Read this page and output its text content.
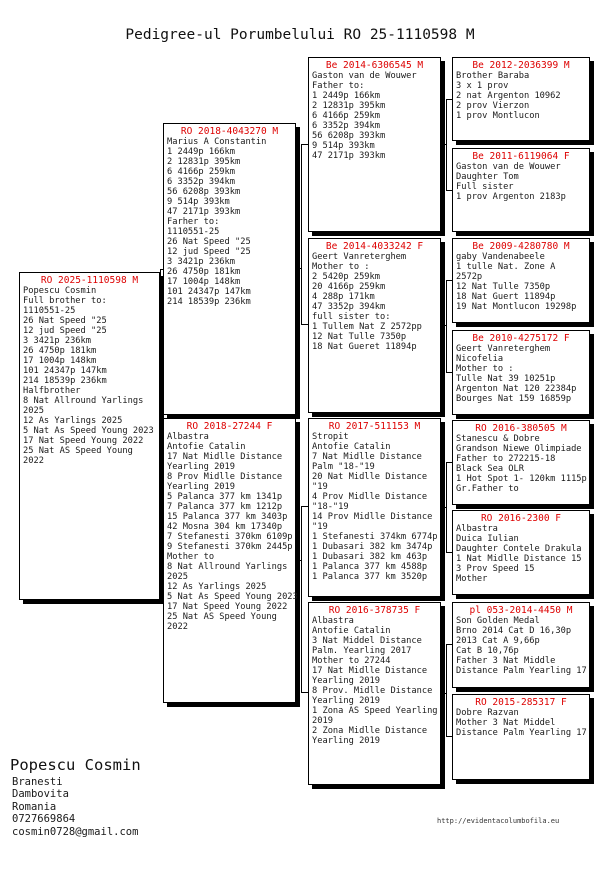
Pedigree-ul Porumbelului RO 25-1110598 M
RO 2025-1110598 M
Popescu Cosmin
Full brother to:
1110551-25
26 Nat Speed "25
12 jud Speed "25
3 3421p 236km
26 4750p 181km
17 1004p 148km
101 24347p 147km
214 18539p 236km
Halfbrother
8 Nat Allround Yarlings
2025
12 As Yarlings 2025
5 Nat As Speed Young 2023
17 Nat Speed Young 2022
25 Nat AS Speed Young
2022
RO 2018-4043270 M
Marius A Constantin
1 2449p 166km
2 12831p 395km
6 4166p 259km
6 3352p 394km
56 6208p 393km
9 514p 393km
47 2171p 393km
Farher to:
1110551-25
26 Nat Speed "25
12 jud Speed "25
3 3421p 236km
26 4750p 181km
17 1004p 148km
101 24347p 147km
214 18539p 236km
RO 2018-27244 F
Albastra
Antofie Catalin
17 Nat Midlle Distance
Yearling 2019
8 Prov Midlle Distance
Yearling 2019
5 Palanca 377 km 1341p
7 Palanca 377 km 1212p
15 Palanca 377 km 3403p
42 Mosna 304 km 17340p
7 Stefanesti 370km 6109p
9 Stefanesti 370km 2445p
Mother to
8 Nat Allround Yarlings
2025
12 As Yarlings 2025
5 Nat As Speed Young 2023
17 Nat Speed Young 2022
25 Nat AS Speed Young
2022
Be 2014-6306545 M
Gaston van de Wouwer
Father to:
1 2449p 166km
2 12831p 395km
6 4166p 259km
6 3352p 394km
56 6208p 393km
9 514p 393km
47 2171p 393km
Be 2014-4033242 F
Geert Vanreterghem
Mother to :
2 5420p 259km
20 4166p 259km
4 288p 171km
47 3352p 394km
full sister to:
1 Tullem Nat Z 2572pp
12 Nat Tulle 7350p
18 Nat Gueret 11894p
RO 2017-511153 M
Stropit
Antofie Catalin
7 Nat Midlle Distance
Palm "18-"19
20 Nat Midlle Distance
"19
4 Prov Midlle Distance
"18-"19
14 Prov Midlle Distance
"19
1 Stefanesti 374km 6774p
1 Dubasari 382 km 3474p
1 Dubasari 382 km 463p
1 Palanca 377 km 4588p
1 Palanca 377 km 3520p
RO 2016-378735 F
Albastra
Antofie Catalin
3 Nat Middel Distance
Palm. Yearling 2017
Mother to 27244
17 Nat Midlle Distance
Yearling 2019
8 Prov. Midlle Distance
Yearling 2019
1 Zona AS Speed Yearling
2019
2 Zona Midlle Distance
Yearling 2019
Be 2012-2036399 M
Brother Baraba
3 x 1 prov
2 nat Argenton 10962
2 prov Vierzon
1 prov Montlucon
Be 2011-6119064 F
Gaston van de Wouwer
Daughter Tom
Full sister
1 prov Argenton 2183p
Be 2009-4280780 M
gaby Vandenabeele
1 tulle Nat. Zone A
2572p
12 Nat Tulle 7350p
18 Nat Guert 11894p
19 Nat Montlucon 19298p
Be 2010-4275172 F
Geert Vanreterghem
Nicofelia
Mother to :
Tulle Nat 39 10251p
Argenton Nat 120 22384p
Bourges Nat 159 16859p
RO 2016-380505 M
Stanescu & Dobre
Grandson Niewe Olimpiade
Father to 272215-18
Black Sea OLR
1 Hot Spot 1- 120km 1115p
Gr.Father to
RO 2016-2300 F
Albastra
Duica Iulian
Daughter Contele Drakula
1 Nat Midlle Distance 15
3 Prov Speed 15
Mother
pl 053-2014-4450 M
Son Golden Medal
Brno 2014 Cat D 16,30p
2013 Cat A 9,66p
Cat B 10,76p
Father 3 Nat Middle
Distance Palm Yearling 17
RO 2015-285317 F
Dobre Razvan
Mother 3 Nat Middel
Distance Palm Yearling 17
Popescu Cosmin
Branesti
Dambovita
Romania
0727669864
cosmin0728@gmail.com
http://evidentacolumbofila.eu
